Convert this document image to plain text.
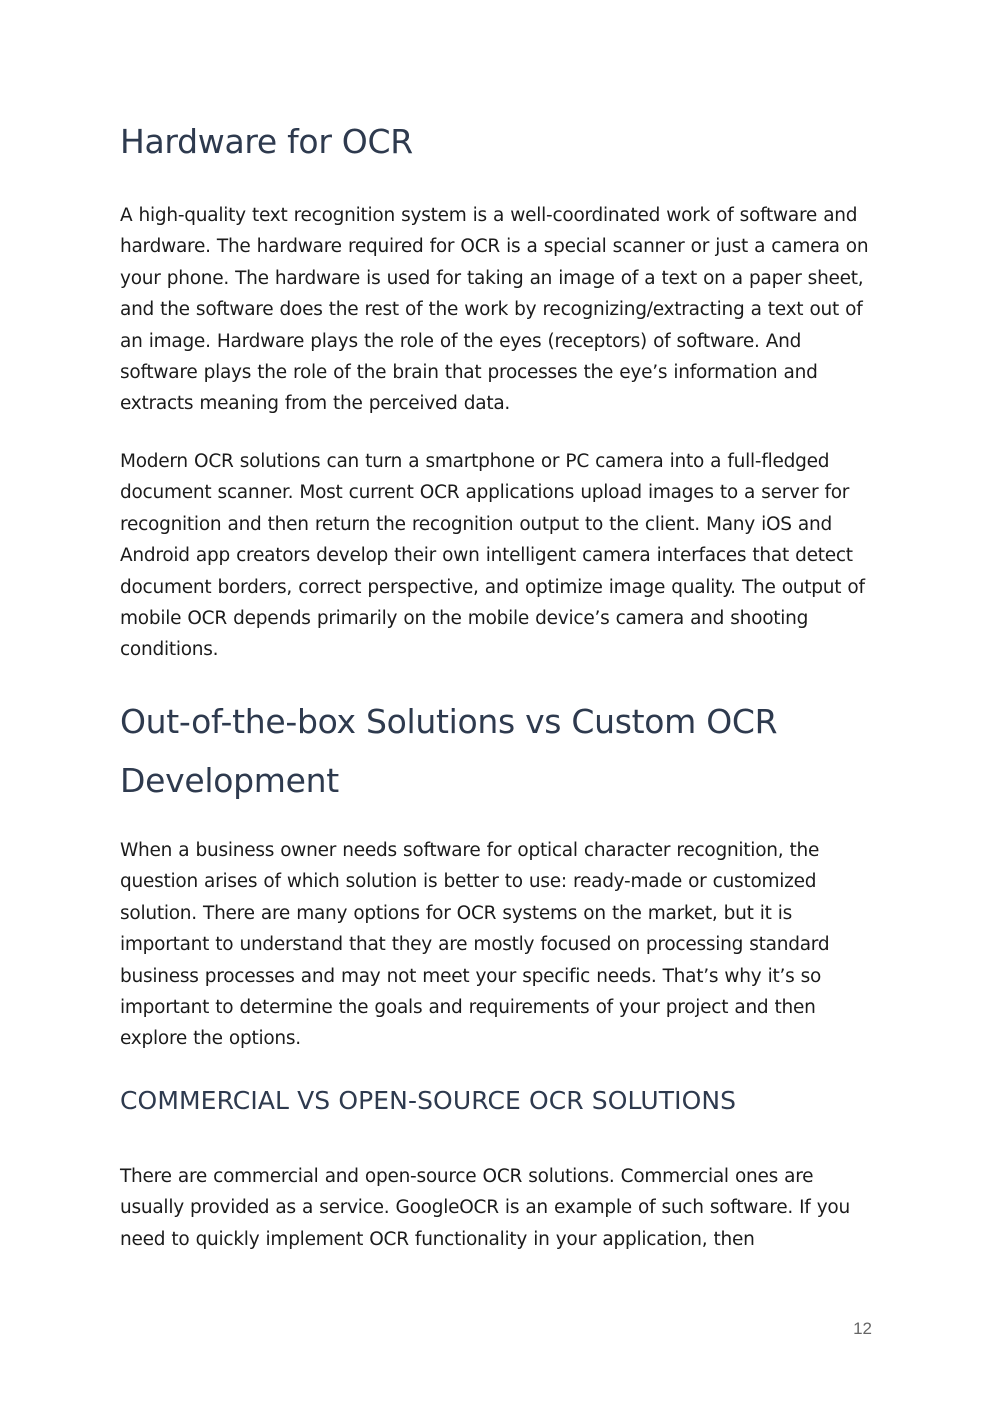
Hardware for OCR

A high-quality text recognition system is a well-coordinated work of software and hardware. The hardware required for OCR is a special scanner or just a camera on your phone. The hardware is used for taking an image of a text on a paper sheet, and the software does the rest of the work by recognizing/extracting a text out of an image. Hardware plays the role of the eyes (receptors) of software. And software plays the role of the brain that processes the eye’s information and extracts meaning from the perceived data.

Modern OCR solutions can turn a smartphone or PC camera into a full-fledged document scanner. Most current OCR applications upload images to a server for recognition and then return the recognition output to the client. Many iOS and Android app creators develop their own intelligent camera interfaces that detect document borders, correct perspective, and optimize image quality. The output of mobile OCR depends primarily on the mobile device’s camera and shooting conditions.

Out-of-the-box Solutions vs Custom OCR Development

When a business owner needs software for optical character recognition, the question arises of which solution is better to use: ready-made or customized solution. There are many options for OCR systems on the market, but it is important to understand that they are mostly focused on processing standard business processes and may not meet your specific needs. That’s why it’s so important to determine the goals and requirements of your project and then explore the options.

COMMERCIAL VS OPEN-SOURCE OCR SOLUTIONS

There are commercial and open-source OCR solutions. Commercial ones are usually provided as a service. GoogleOCR is an example of such software. If you need to quickly implement OCR functionality in your application, then

12
